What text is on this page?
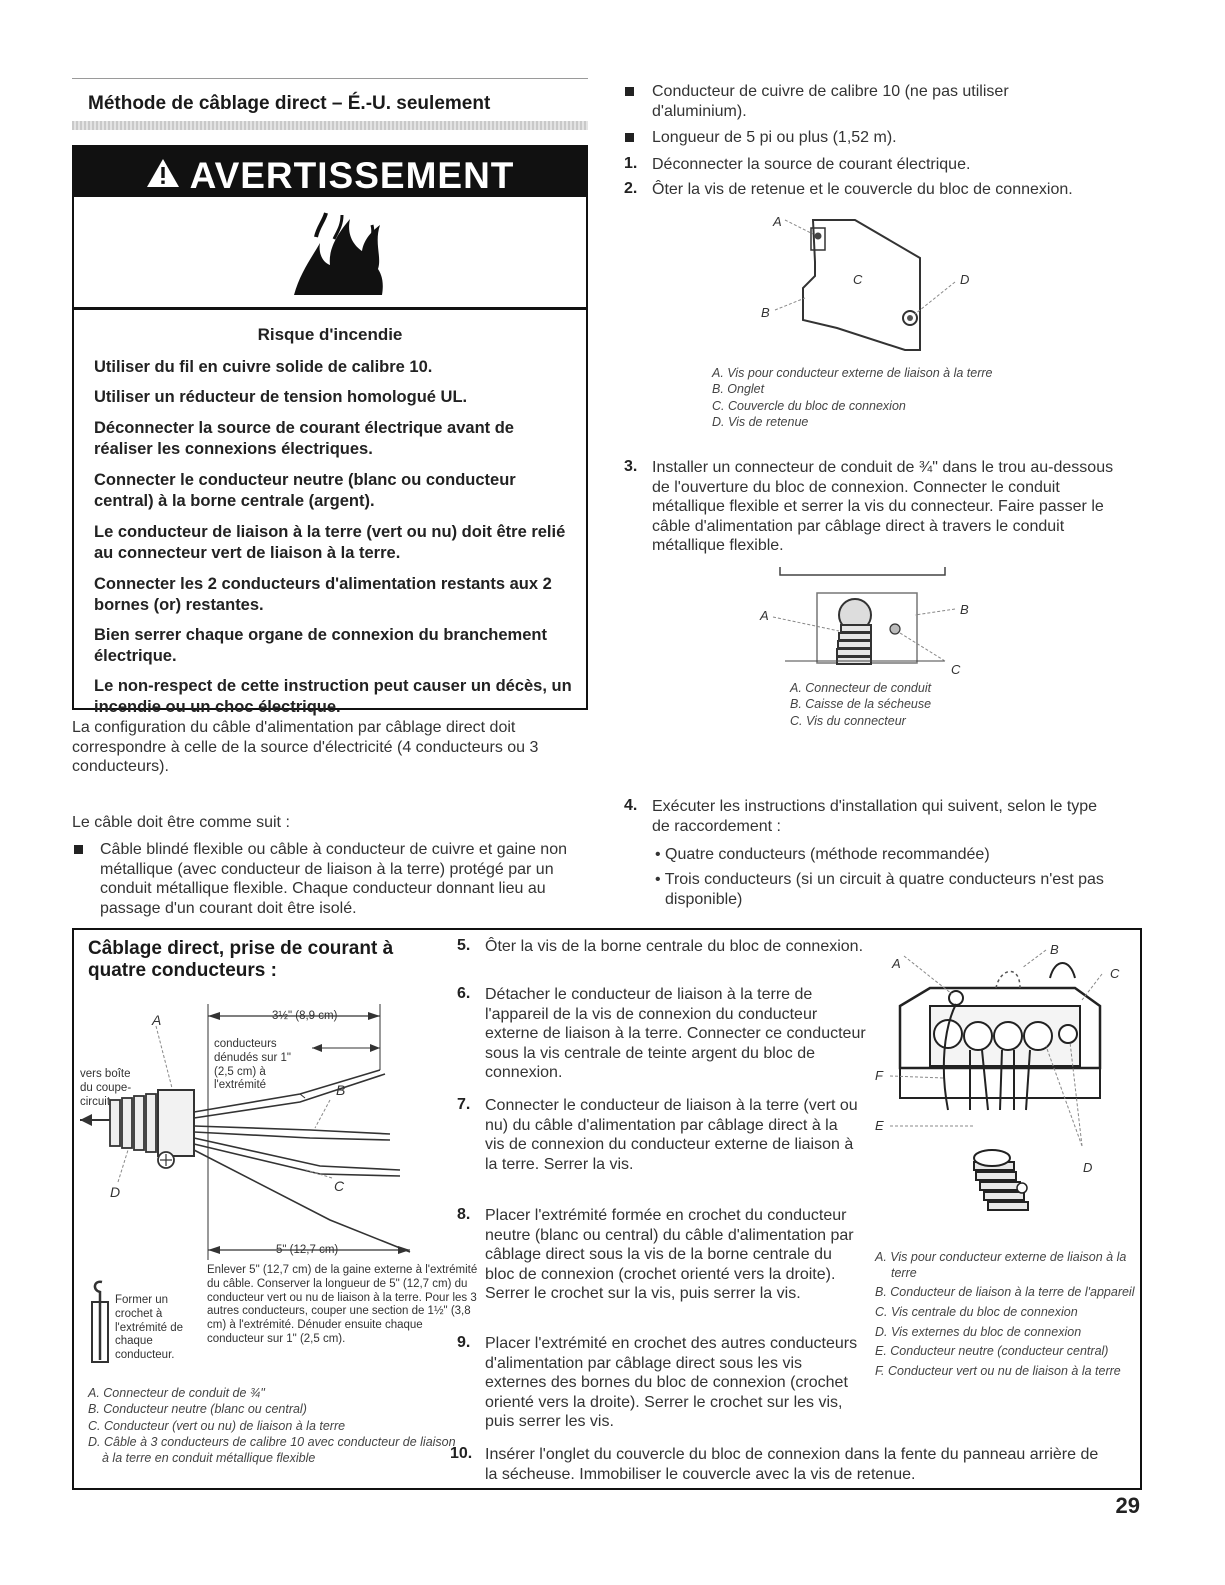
Méthode de câblage direct – É.-U. seulement
AVERTISSEMENT
Risque d'incendie

Utiliser du fil en cuivre solide de calibre 10.

Utiliser un réducteur de tension homologué UL.

Déconnecter la source de courant électrique avant de réaliser les connexions électriques.

Connecter le conducteur neutre (blanc ou conducteur central) à la borne centrale (argent).

Le conducteur de liaison à la terre (vert ou nu) doit être relié au connecteur vert de liaison à la terre.

Connecter les 2 conducteurs d'alimentation restants aux 2 bornes (or) restantes.

Bien serrer chaque organe de connexion du branchement électrique.

Le non-respect de cette instruction peut causer un décès, un incendie ou un choc électrique.

La configuration du câble d'alimentation par câblage direct doit correspondre à celle de la source d'électricité (4 conducteurs ou 3 conducteurs).

Le câble doit être comme suit :

Câble blindé flexible ou câble à conducteur de cuivre et gaine non métallique (avec conducteur de liaison à la terre) protégé par un conduit métallique flexible. Chaque conducteur donnant lieu au passage d'un courant doit être isolé.

Conducteur de cuivre de calibre 10 (ne pas utiliser d'aluminium).

Longueur de 5 pi ou plus (1,52 m).

1. Déconnecter la source de courant électrique.

2. Ôter la vis de retenue et le couvercle du bloc de connexion.

A
B
C	D
A. Vis pour conducteur externe de liaison à la terre
B. Onglet
C. Couvercle du bloc de connexion
D. Vis de retenue
3. Installer un connecteur de conduit de ¾" dans le trou au-dessous de l'ouverture du bloc de connexion. Connecter le conduit métallique flexible et serrer la vis du connecteur. Faire passer le câble d'alimentation par câblage direct à travers le conduit métallique flexible.

A	B
C
A. Connecteur de conduit
B. Caisse de la sécheuse
C. Vis du connecteur
4. Exécuter les instructions d'installation qui suivent, selon le type de raccordement :

• Quatre conducteurs (méthode recommandée)

• Trois conducteurs (si un circuit à quatre conducteurs n'est pas disponible)

Câblage direct, prise de courant à quatre conducteurs :

3½" (8,9 cm)
conducteurs dénudés sur 1" (2,5 cm) à l'extrémité
vers boîte du coupe-circuit
A
B
C
D
5" (12,7 cm)
Enlever 5" (12,7 cm) de la gaine externe à l'extrémité du câble. Conserver la longueur de 5" (12,7 cm) du conducteur vert ou nu de liaison à la terre. Pour les 3 autres conducteurs, couper une section de 1½" (3,8 cm) à l'extrémité. Dénuder ensuite chaque conducteur sur 1" (2,5 cm).
Former un crochet à l'extrémité de chaque conducteur.
A. Connecteur de conduit de ¾"
B. Conducteur neutre (blanc ou central)
C. Conducteur (vert ou nu) de liaison à la terre
D. Câble à 3 conducteurs de calibre 10 avec conducteur de liaison à la terre en conduit métallique flexible
5. Ôter la vis de la borne centrale du bloc de connexion.

6. Détacher le conducteur de liaison à la terre de l'appareil de la vis de connexion du conducteur externe de liaison à la terre. Connecter ce conducteur sous la vis centrale de teinte argent du bloc de connexion.

7. Connecter le conducteur de liaison à la terre (vert ou nu) du câble d'alimentation par câblage direct à la vis de connexion du conducteur externe de liaison à la terre. Serrer la vis.

8. Placer l'extrémité formée en crochet du conducteur neutre (blanc ou central) du câble d'alimentation par câblage direct sous la vis de la borne centrale du bloc de connexion (crochet orienté vers la droite). Serrer le crochet sur la vis, puis serrer la vis.

9. Placer l'extrémité en crochet des autres conducteurs d'alimentation par câblage direct sous les vis externes des bornes du bloc de connexion (crochet orienté vers la droite). Serrer le crochet sur les vis, puis serrer les vis.

10. Insérer l'onglet du couvercle du bloc de connexion dans la fente du panneau arrière de la sécheuse. Immobiliser le couvercle avec la vis de retenue.

A
B
C
F
E
D
A. Vis pour conducteur externe de liaison à la terre
B. Conducteur de liaison à la terre de l'appareil
C. Vis centrale du bloc de connexion
D. Vis externes du bloc de connexion
E. Conducteur neutre (conducteur central)
F. Conducteur vert ou nu de liaison à la terre
29
